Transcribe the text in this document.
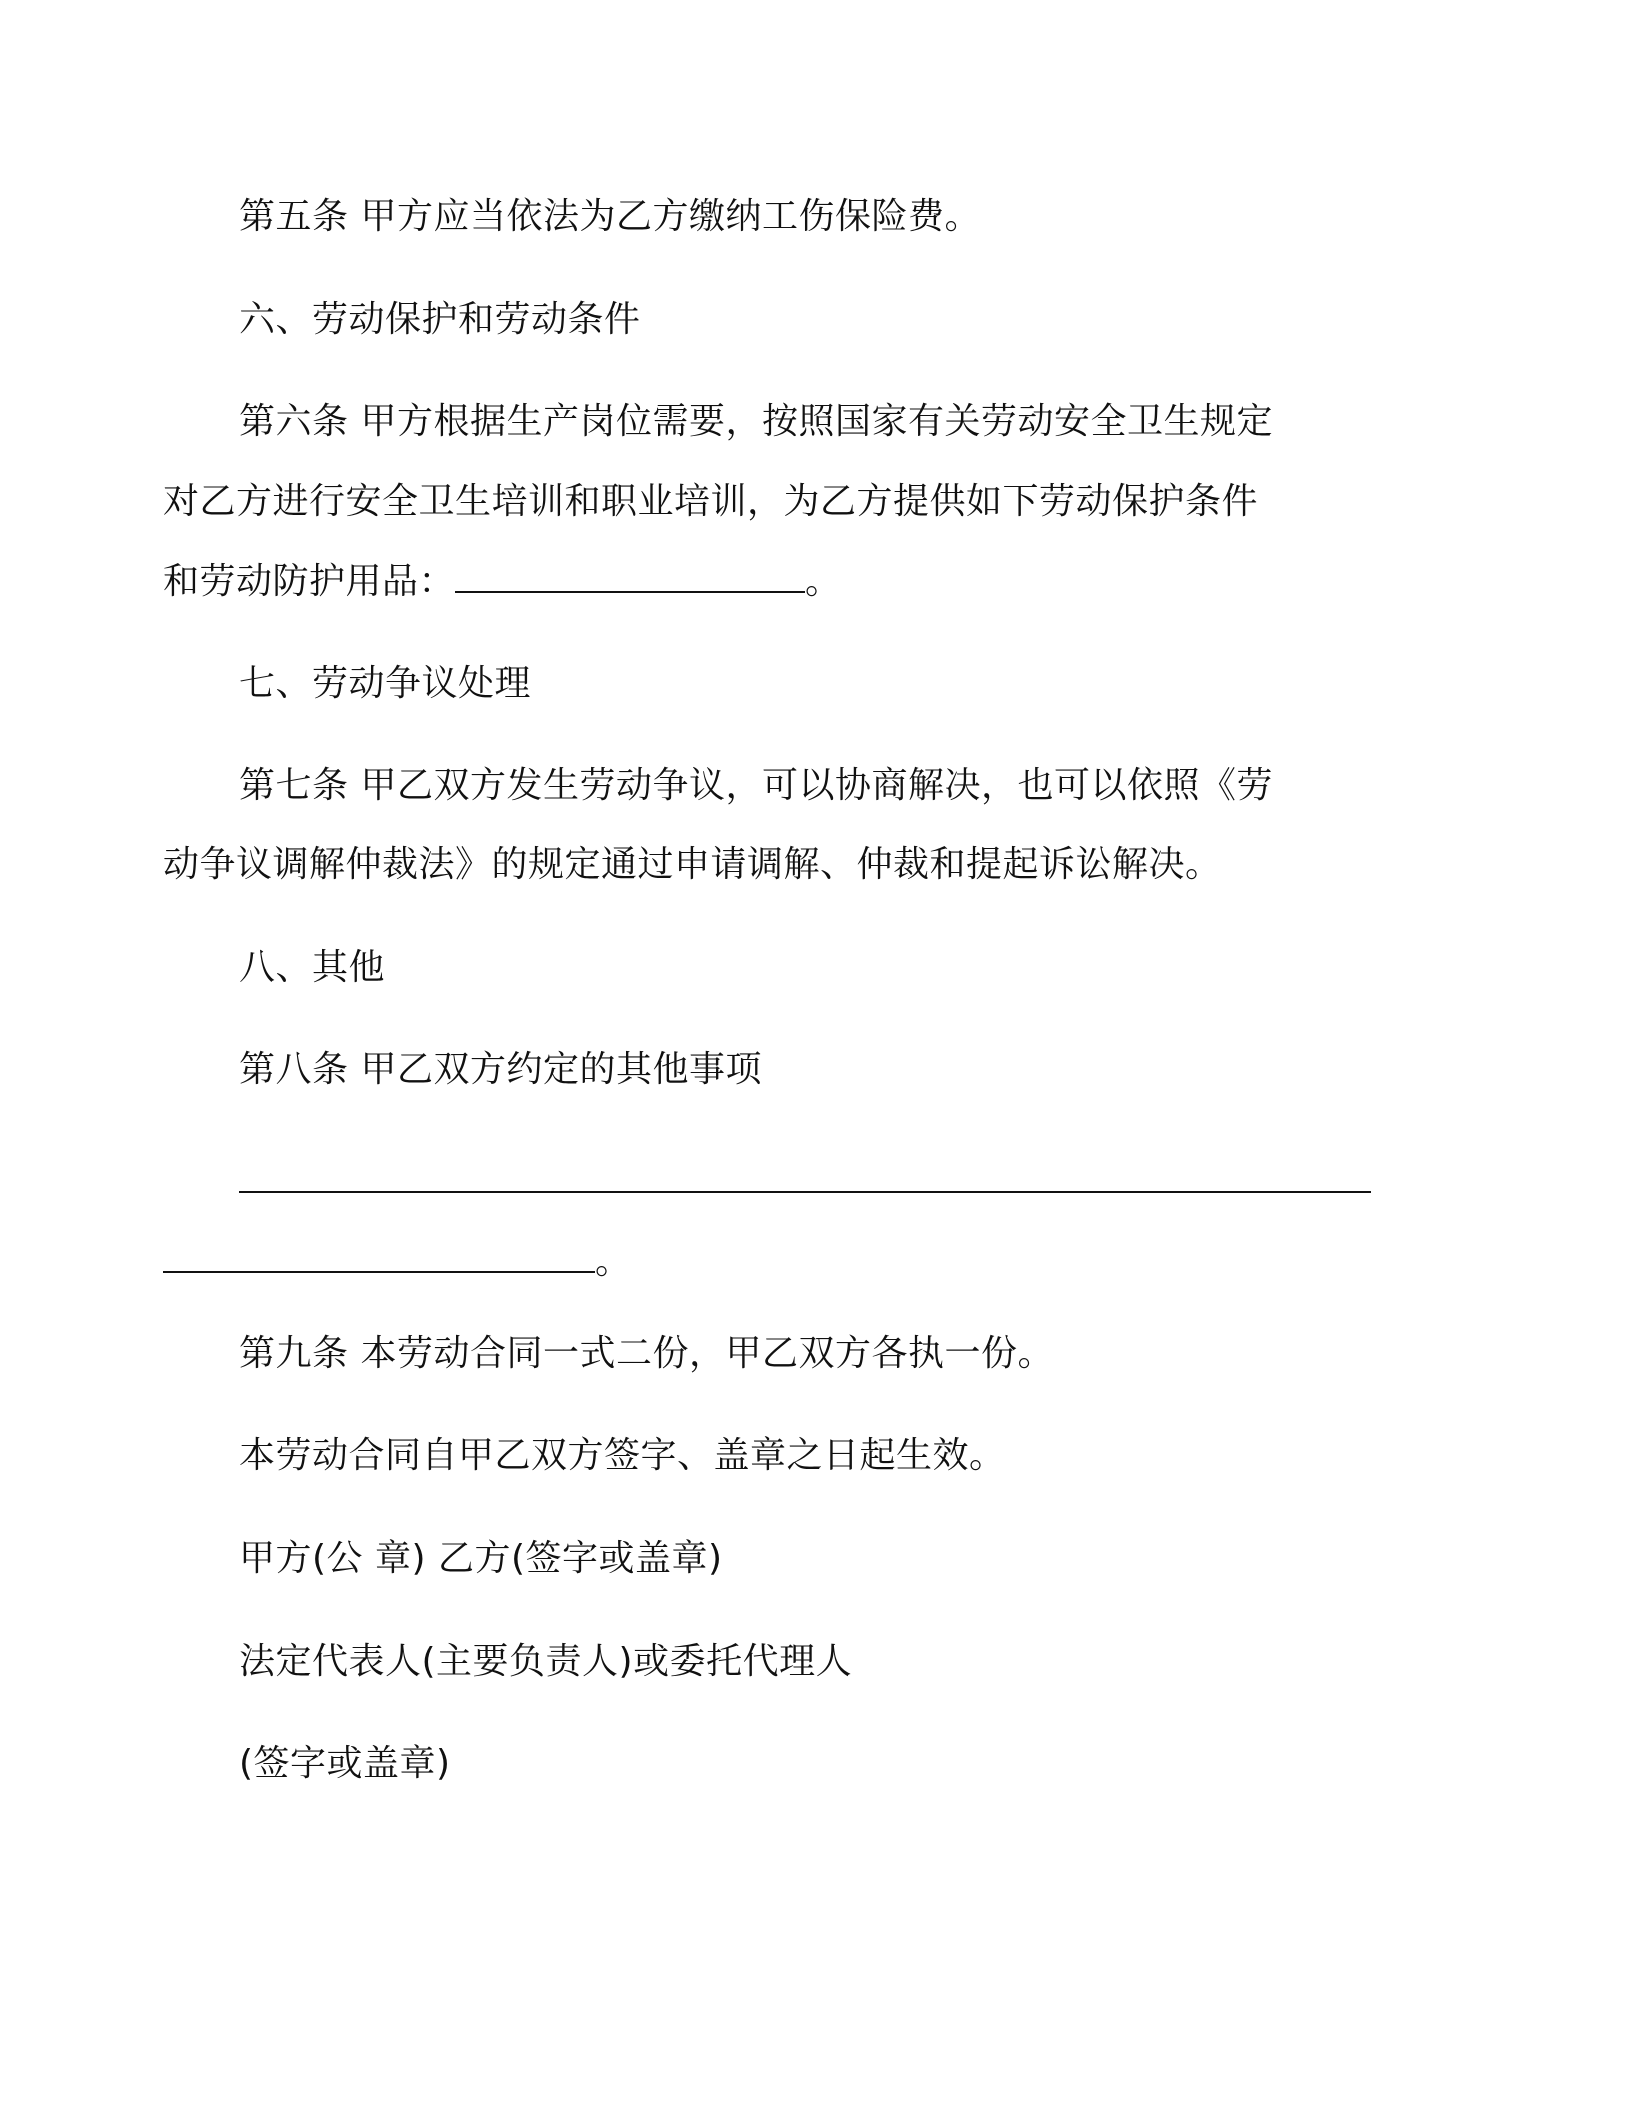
第五条 甲方应当依法为乙方缴纳工伤保险费。
六、劳动保护和劳动条件
第六条 甲方根据生产岗位需要，按照国家有关劳动安全卫生规定
对乙方进行安全卫生培训和职业培训，为乙方提供如下劳动保护条件
和劳动防护用品：	。
七、劳动争议处理
第七条 甲乙双方发生劳动争议，可以协商解决，也可以依照《劳
动争议调解仲裁法》的规定通过申请调解、仲裁和提起诉讼解决。
八、其他
第八条 甲乙双方约定的其他事项
。
第九条 本劳动合同一式二份，甲乙双方各执一份。
本劳动合同自甲乙双方签字、盖章之日起生效。
甲方(公 章) 乙方(签字或盖章)
法定代表人(主要负责人)或委托代理人
(签字或盖章)
